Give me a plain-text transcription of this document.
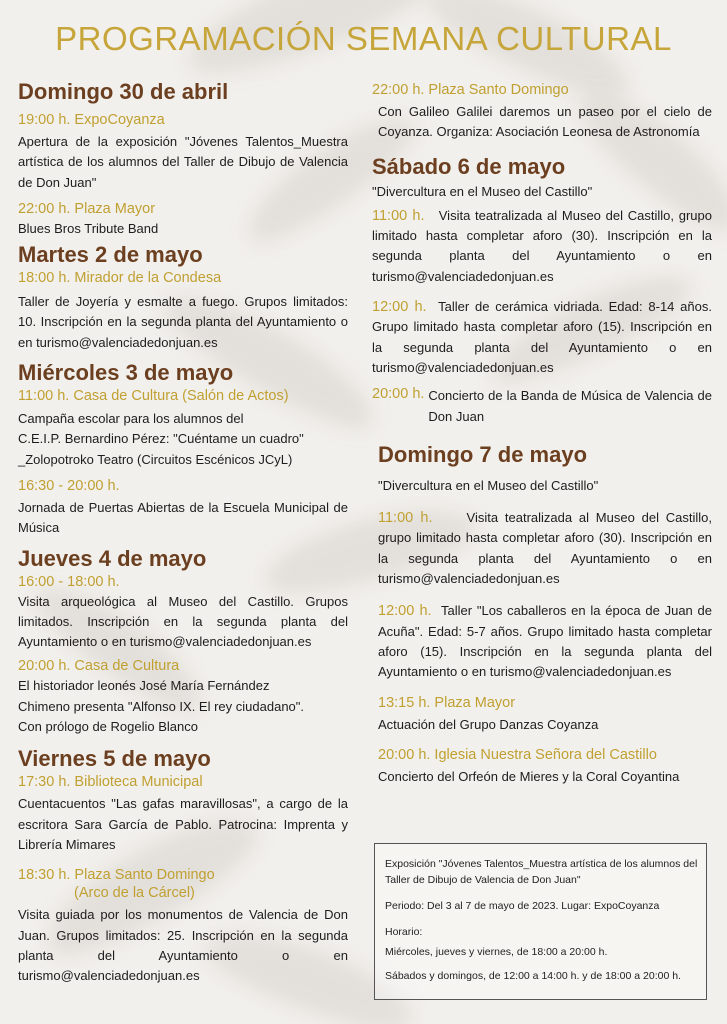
PROGRAMACIÓN SEMANA CULTURAL
Domingo 30 de abril

19:00 h. ExpoCoyanza

Apertura de la exposición "Jóvenes Talentos_Muestra artística de los alumnos del Taller de Dibujo de Valencia de Don Juan"

22:00 h. Plaza Mayor

Blues Bros Tribute Band

Martes 2 de mayo

18:00 h. Mirador de la Condesa

Taller de Joyería y esmalte a fuego. Grupos limitados: 10. Inscripción en la segunda planta del Ayuntamiento o en turismo@valenciadedonjuan.es

Miércoles 3 de mayo

11:00 h. Casa de Cultura (Salón de Actos)

Campaña escolar para los alumnos del

C.E.I.P. Bernardino Pérez: "Cuéntame un cuadro"

_Zolopotroko Teatro (Circuitos Escénicos JCyL)

16:30 - 20:00 h.

Jornada de Puertas Abiertas de la Escuela Municipal de Música

Jueves 4 de mayo

16:00 - 18:00 h.

Visita arqueológica al Museo del Castillo. Grupos limitados. Inscripción en la segunda planta del Ayuntamiento o en turismo@valenciadedonjuan.es

20:00 h. Casa de Cultura

El historiador leonés José María Fernández

Chimeno presenta "Alfonso IX. El rey ciudadano".

Con prólogo de Rogelio Blanco

Viernes 5 de mayo

17:30 h. Biblioteca Municipal

Cuentacuentos "Las gafas maravillosas", a cargo de la escritora Sara García de Pablo. Patrocina: Imprenta y Librería Mimares

18:30 h. Plaza Santo Domingo

(Arco de la Cárcel)

Visita guiada por los monumentos de Valencia de Don Juan. Grupos limitados: 25. Inscripción en la segunda planta del Ayuntamiento o en turismo@valenciadedonjuan.es

22:00 h. Plaza Santo Domingo

Con Galileo Galilei daremos un paseo por el cielo de Coyanza. Organiza: Asociación Leonesa de Astronomía

Sábado 6 de mayo

"Divercultura en el Museo del Castillo"

11:00 h. Visita teatralizada al Museo del Castillo, grupo limitado hasta completar aforo (30). Inscripción en la segunda planta del Ayuntamiento o en turismo@valenciadedonjuan.es

12:00 h. Taller de cerámica vidriada. Edad: 8-14 años. Grupo limitado hasta completar aforo (15). Inscripción en la segunda planta del Ayuntamiento o en turismo@valenciadedonjuan.es

20:00 h. Concierto de la Banda de Música de Valencia de Don Juan
Domingo 7 de mayo

"Divercultura en el Museo del Castillo"

11:00 h.	Visita teatralizada al Museo del Castillo, grupo limitado hasta completar aforo (30). Inscripción en la segunda planta del Ayuntamiento o en turismo@valenciadedonjuan.es

12:00 h. Taller "Los caballeros en la época de Juan de Acuña". Edad: 5-7 años. Grupo limitado hasta completar aforo (15). Inscripción en la segunda planta del Ayuntamiento o en turismo@valenciadedonjuan.es

13:15 h. Plaza Mayor

Actuación del Grupo Danzas Coyanza

20:00 h. Iglesia Nuestra Señora del Castillo

Concierto del Orfeón de Mieres y la Coral Coyantina

Exposición "Jóvenes Talentos_Muestra artística de los alumnos del Taller de Dibujo de Valencia de Don Juan"

Periodo: Del 3 al 7 de mayo de 2023. Lugar: ExpoCoyanza

Horario:

Miércoles, jueves y viernes, de 18:00 a 20:00 h.

Sábados y domingos, de 12:00 a 14:00 h. y de 18:00 a 20:00 h.
